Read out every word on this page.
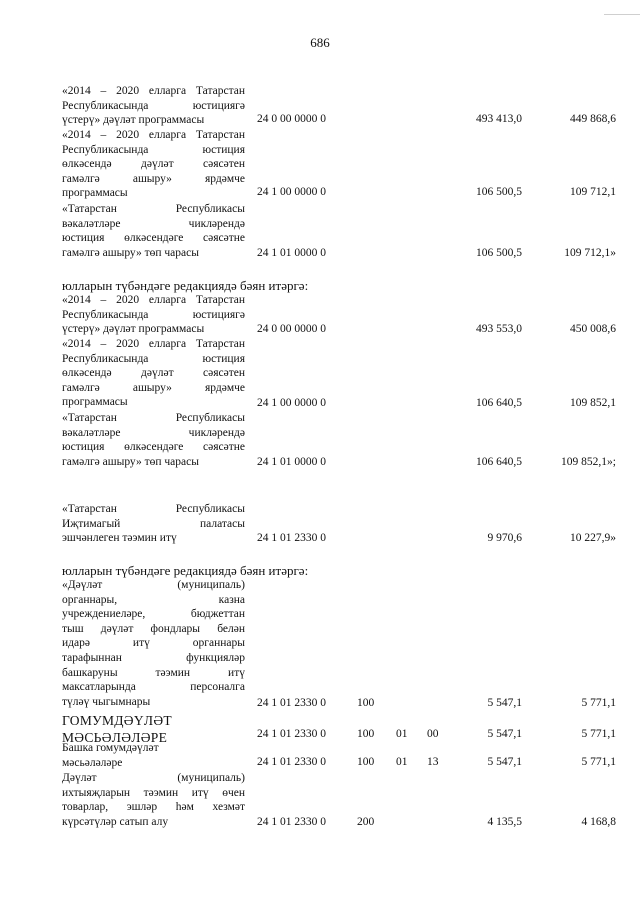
686
«2014 – 2020 елларга Татарстан
Республикасында юстициягә
үстерү» дәүләт программасы	24 0 00 0000 0	493 413,0	449 868,6
«2014 – 2020 елларга Татарстан
Республикасында юстиция
өлкәсендә дәүләт сәясәтен
гамәлгә ашыру» ярдәмче
программасы	24 1 00 0000 0	106 500,5	109 712,1
«Татарстан Республикасы
вәкаләтләре чикләрендә
юстиция өлкәсендәге сәясәтне
гамәлгә ашыру» төп чарасы	24 1 01 0000 0	106 500,5	109 712,1»
юлларын түбәндәге редакциядә бәян итәргә:
«2014 – 2020 елларга Татарстан
Республикасында юстициягә
үстерү» дәүләт программасы	24 0 00 0000 0	493 553,0	450 008,6
«2014 – 2020 елларга Татарстан
Республикасында юстиция
өлкәсендә дәүләт сәясәтен
гамәлгә ашыру» ярдәмче
программасы	24 1 00 0000 0	106 640,5	109 852,1
«Татарстан Республикасы
вәкаләтләре чикләрендә
юстиция өлкәсендәге сәясәтне
гамәлгә ашыру» төп чарасы	24 1 01 0000 0	106 640,5	109 852,1»;
«Татарстан Республикасы
Иҗтимагый палатасы
эшчәнлеген тәэмин итү	24 1 01 2330 0	9 970,6	10 227,9»
юлларын түбәндәге редакциядә бәян итәргә:
«Дәүләт (муниципаль)
органнары, казна
учреждениеләре, бюджеттан
тыш дәүләт фондлары белән
идарә итү органнары
тарафыннан функцияләр
башкаруны тәэмин итү
максатларында персоналга
түләү чыгымнары	24 1 01 2330 0	100	5 547,1	5 771,1
ГОМУМДӘҮЛӘТ
МӘСЬӘЛӘЛӘРЕ	24 1 01 2330 0	100 01 00	5 547,1	5 771,1
Башка гомумдәүләт
мәсьәләләре	24 1 01 2330 0	100 01 13	5 547,1	5 771,1
Дәүләт (муниципаль)
ихтыяҗларын тәэмин итү өчен
товарлар, эшләр һәм хезмәт
күрсәтүләр сатып алу	24 1 01 2330 0	200	4 135,5	4 168,8
